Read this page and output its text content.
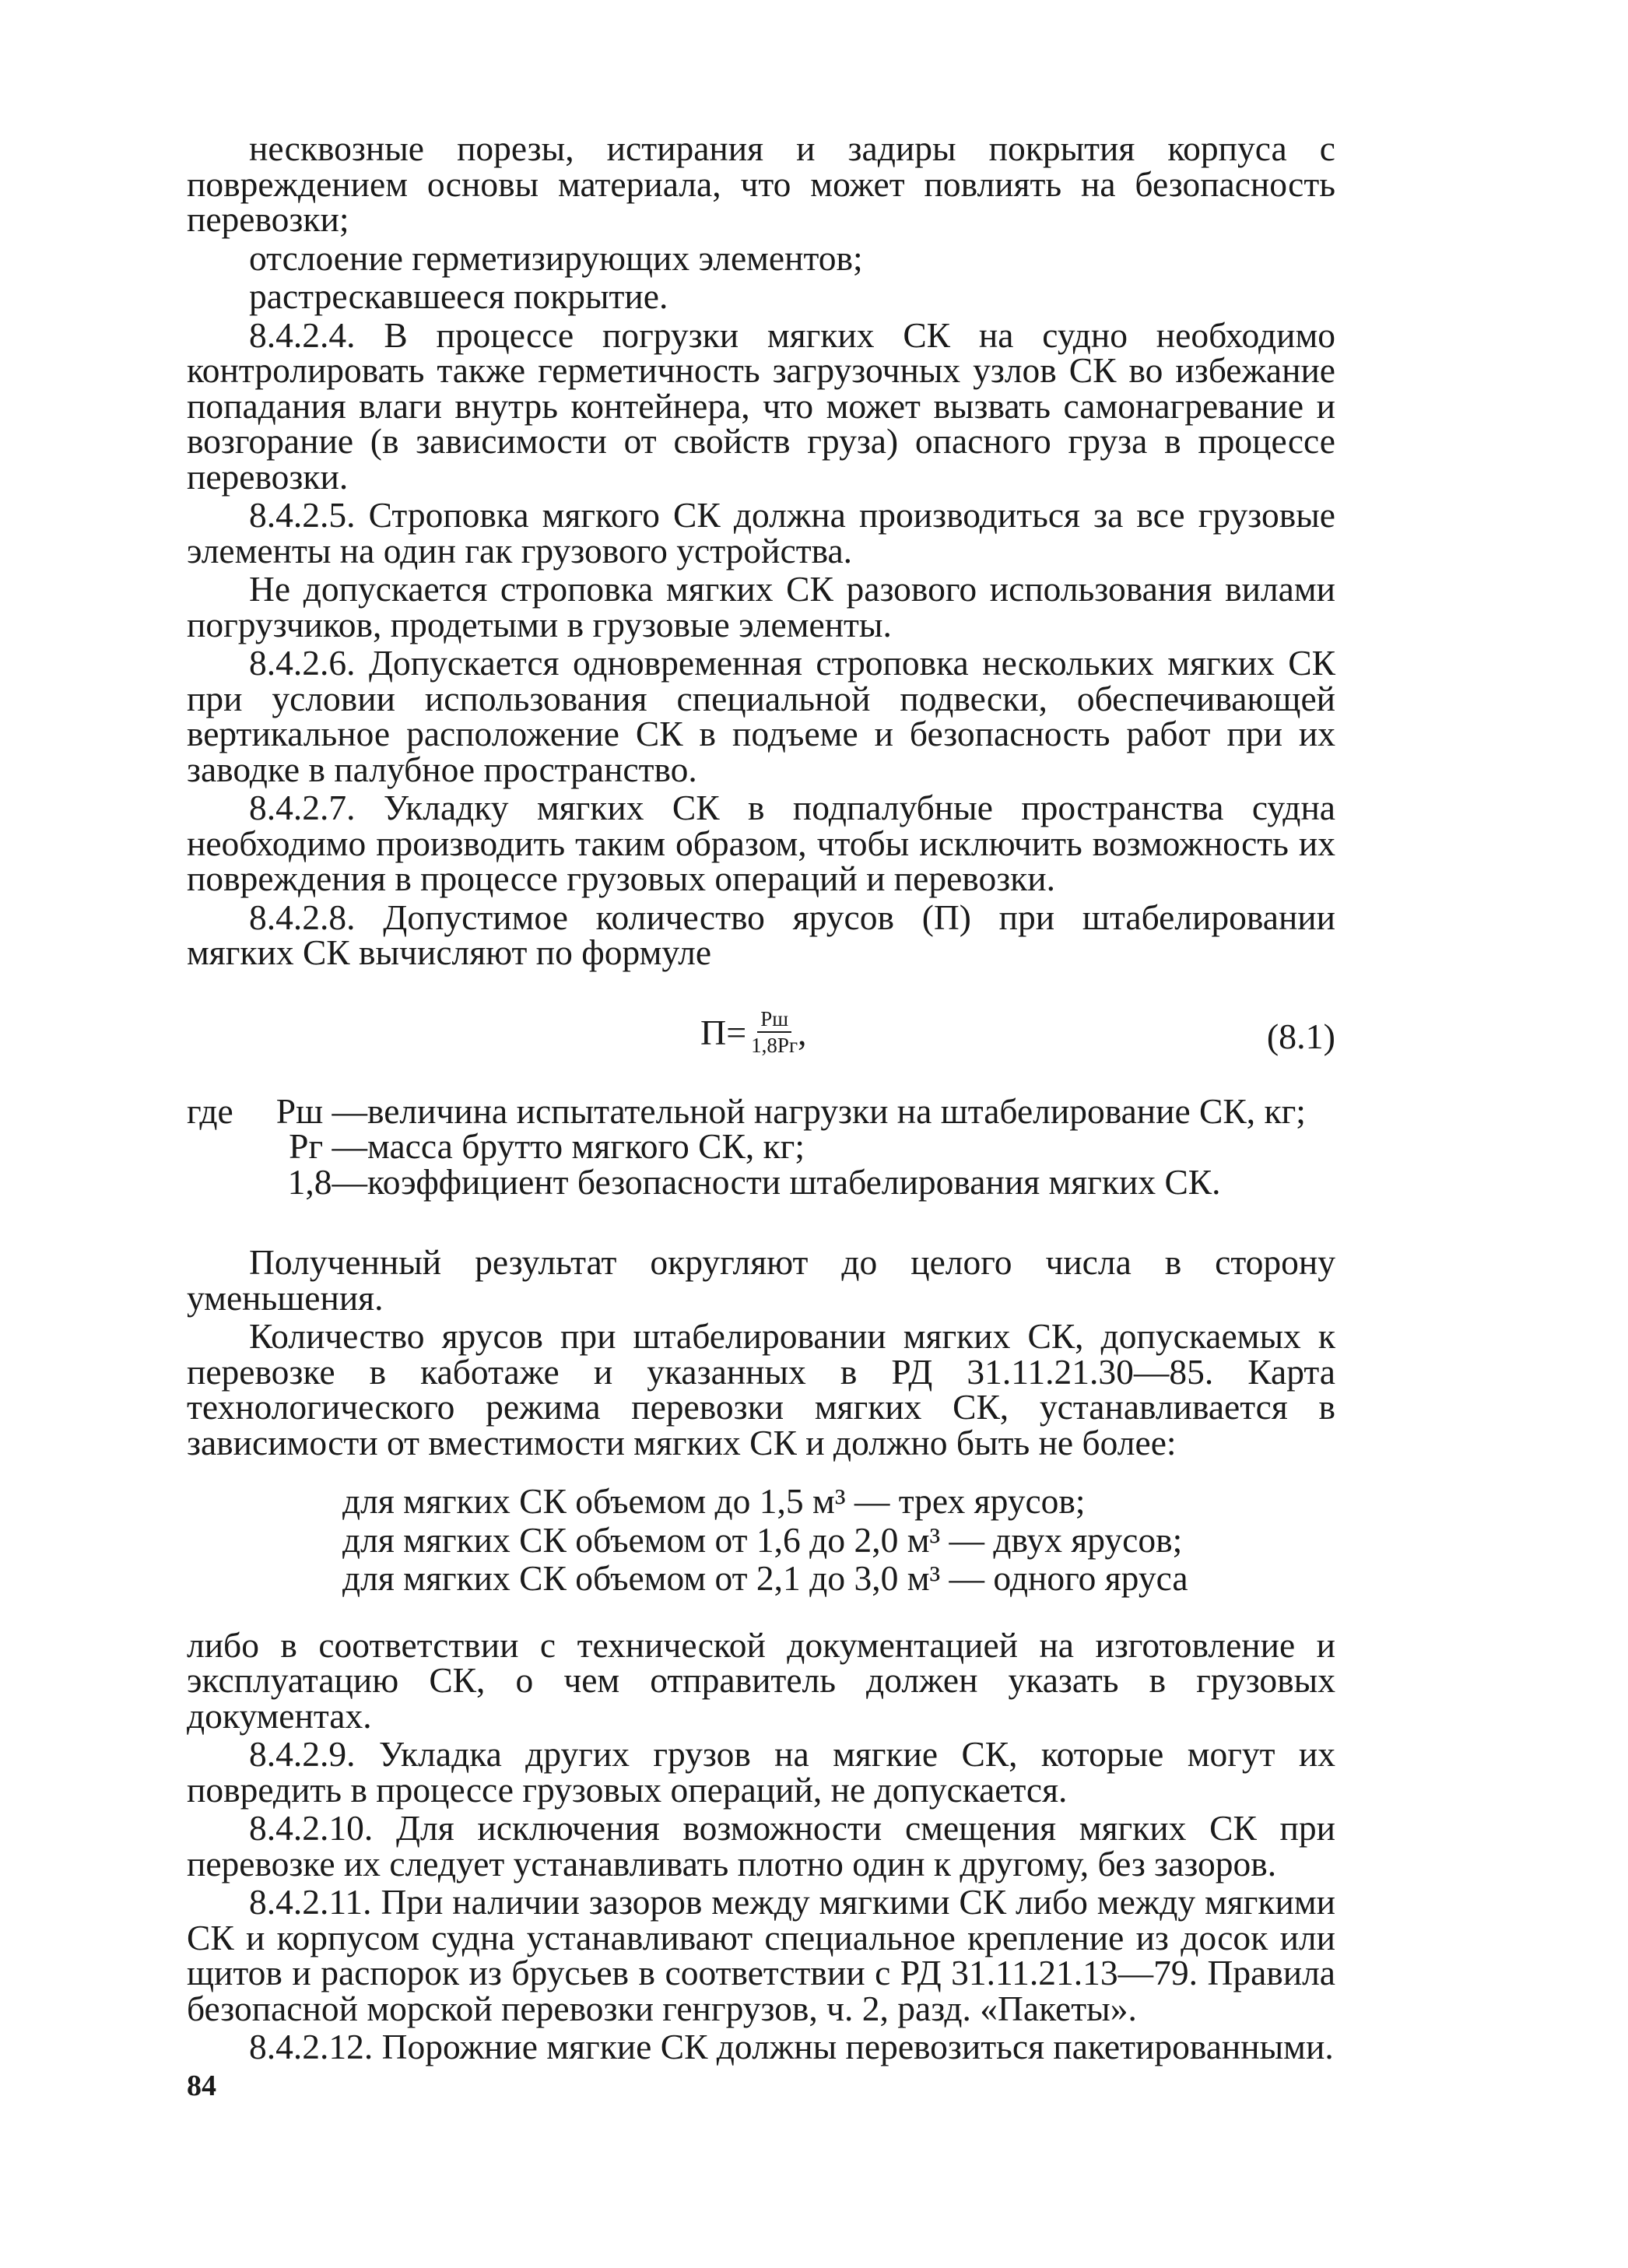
несквозные порезы, истирания и задиры покрытия корпуса с повреждением основы материала, что может повлиять на безопасность перевозки;

отслоение герметизирующих элементов;

растрескавшееся покрытие.

8.4.2.4. В процессе погрузки мягких СК на судно необходимо контролировать также герметичность загрузочных узлов СК во избежание попадания влаги внутрь контейнера, что может вызвать самонагревание и возгорание (в зависимости от свойств груза) опасного груза в процессе перевозки.

8.4.2.5. Строповка мягкого СК должна производиться за все грузовые элементы на один гак грузового устройства.

Не допускается строповка мягких СК разового использования вилами погрузчиков, продетыми в грузовые элементы.

8.4.2.6. Допускается одновременная строповка нескольких мягких СК при условии использования специальной подвески, обеспечивающей вертикальное расположение СК в подъеме и безопасность работ при их заводке в палубное пространство.

8.4.2.7. Укладку мягких СК в подпалубные пространства судна необходимо производить таким образом, чтобы исключить возможность их повреждения в процессе грузовых операций и перевозки.

8.4.2.8. Допустимое количество ярусов (П) при штабелировании мягких СК вычисляют по формуле

$П= \frac{Рш}{1,8Рг}$ ,	(8.1)
где	Рш — величина испытательной нагрузки на штабелирование СК, кг;
Рг — масса брутто мягкого СК, кг;
1,8— коэффициент безопасности штабелирования мягких СК.

Полученный результат округляют до целого числа в сторону уменьшения.

Количество ярусов при штабелировании мягких СК, допускаемых к перевозке в каботаже и указанных в РД 31.11.21.30—85. Карта технологического режима перевозки мягких СК, устанавливается в зависимости от вместимости мягких СК и должно быть не более:

для мягких СК объемом до 1,5 м³ — трех ярусов;

для мягких СК объемом от 1,6 до 2,0 м³ — двух ярусов;

для мягких СК объемом от 2,1 до 3,0 м³ — одного яруса

либо в соответствии с технической документацией на изготовление и эксплуатацию СК, о чем отправитель должен указать в грузовых документах.

8.4.2.9. Укладка других грузов на мягкие СК, которые могут их повредить в процессе грузовых операций, не допускается.

8.4.2.10. Для исключения возможности смещения мягких СК при перевозке их следует устанавливать плотно один к другому, без зазоров.

8.4.2.11. При наличии зазоров между мягкими СК либо между мягкими СК и корпусом судна устанавливают специальное крепление из досок или щитов и распорок из брусьев в соответствии с РД 31.11.21.13—79. Правила безопасной морской перевозки генгрузов, ч. 2, разд. «Пакеты».

8.4.2.12. Порожние мягкие СК должны перевозиться пакетированными.

84
